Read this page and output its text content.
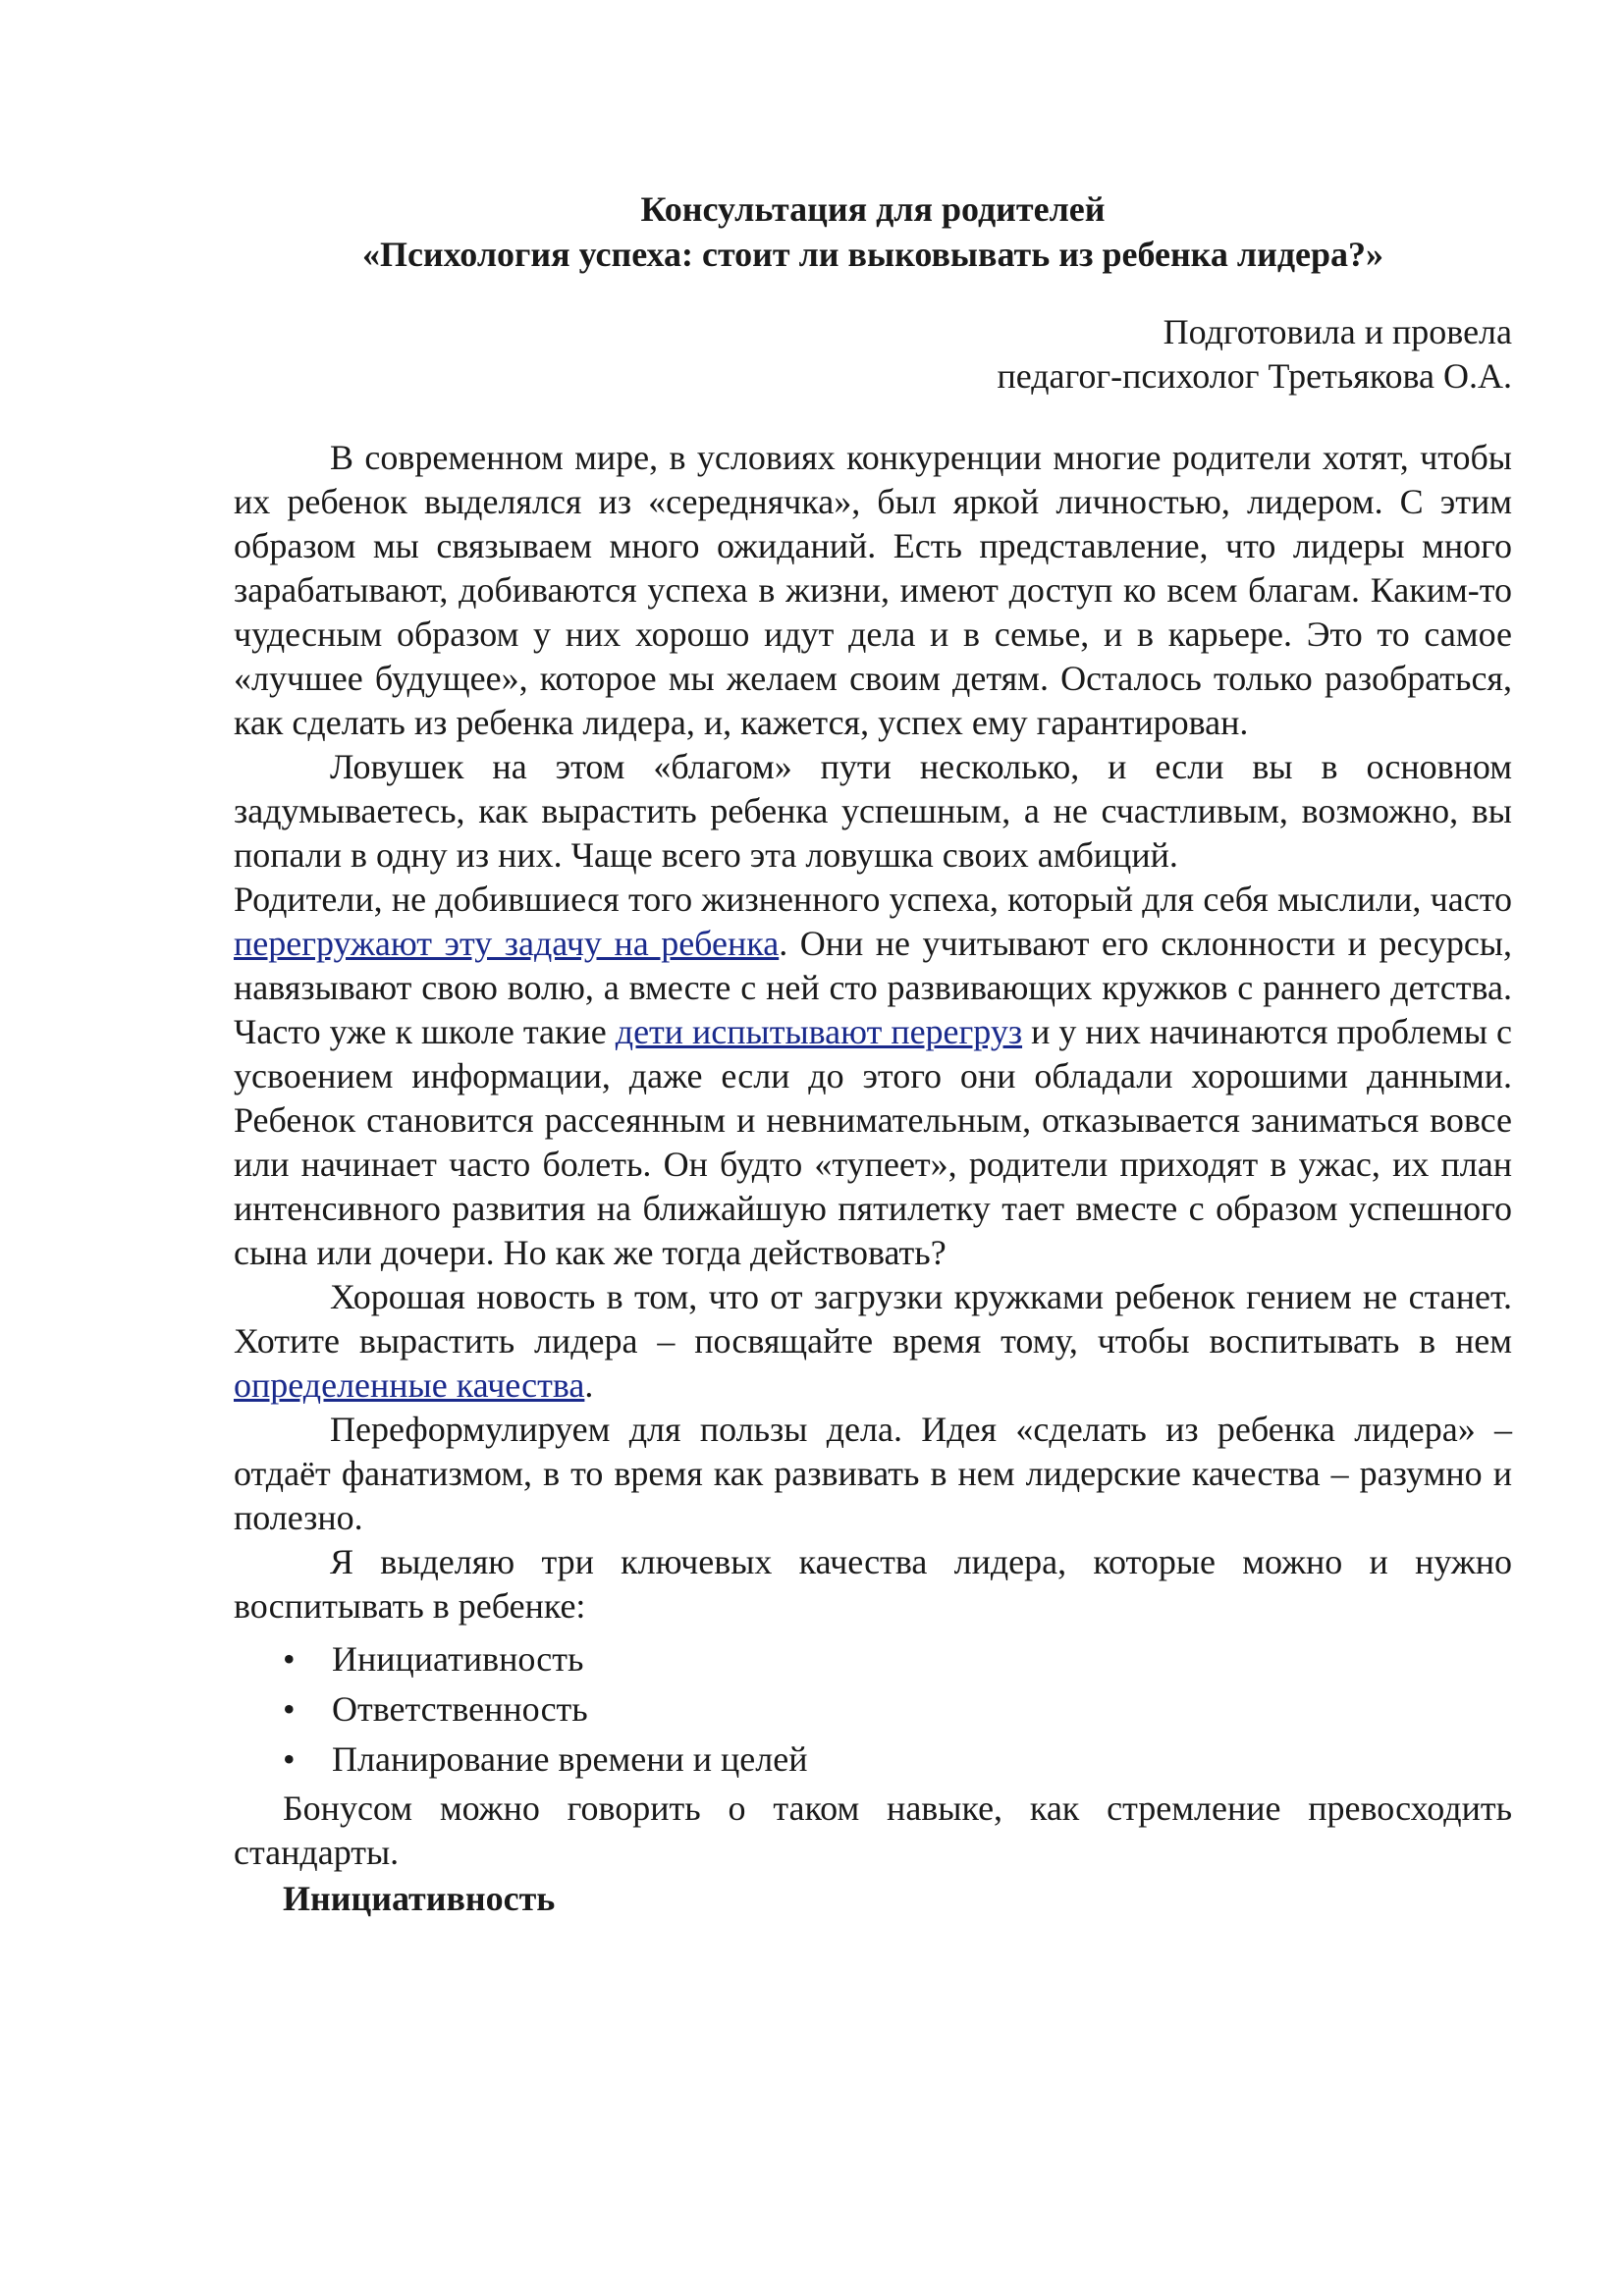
Консультация для родителей
«Психология успеха: стоит ли выковывать из ребенка лидера?»
Подготовила и провела
педагог-психолог Третьякова О.А.

В современном мире, в условиях конкуренции многие родители хотят, чтобы их ребенок выделялся из «середнячка», был яркой личностью, лидером. С этим образом мы связываем много ожиданий. Есть представление, что лидеры много зарабатывают, добиваются успеха в жизни, имеют доступ ко всем благам. Каким-то чудесным образом у них хорошо идут дела и в семье, и в карьере. Это то самое «лучшее будущее», которое мы желаем своим детям. Осталось только разобраться, как сделать из ребенка лидера, и, кажется, успех ему гарантирован.

Ловушек на этом «благом» пути несколько, и если вы в основном задумываетесь, как вырастить ребенка успешным, а не счастливым, возможно, вы попали в одну из них. Чаще всего эта ловушка своих амбиций.

Родители, не добившиеся того жизненного успеха, который для себя мыслили, часто перегружают эту задачу на ребенка. Они не учитывают его склонности и ресурсы, навязывают свою волю, а вместе с ней сто развивающих кружков с раннего детства. Часто уже к школе такие дети испытывают перегруз и у них начинаются проблемы с усвоением информации, даже если до этого они обладали хорошими данными. Ребенок становится рассеянным и невнимательным, отказывается заниматься вовсе или начинает часто болеть. Он будто «тупеет», родители приходят в ужас, их план интенсивного развития на ближайшую пятилетку тает вместе с образом успешного сына или дочери. Но как же тогда действовать?

Хорошая новость в том, что от загрузки кружками ребенок гением не станет. Хотите вырастить лидера – посвящайте время тому, чтобы воспитывать в нем определенные качества.

Переформулируем для пользы дела. Идея «сделать из ребенка лидера» – отдаёт фанатизмом, в то время как развивать в нем лидерские качества – разумно и полезно.

Я выделяю три ключевых качества лидера, которые можно и нужно воспитывать в ребенке:

• Инициативность
• Ответственность
• Планирование времени и целей

Бонусом можно говорить о таком навыке, как стремление превосходить стандарты.

Инициативность
